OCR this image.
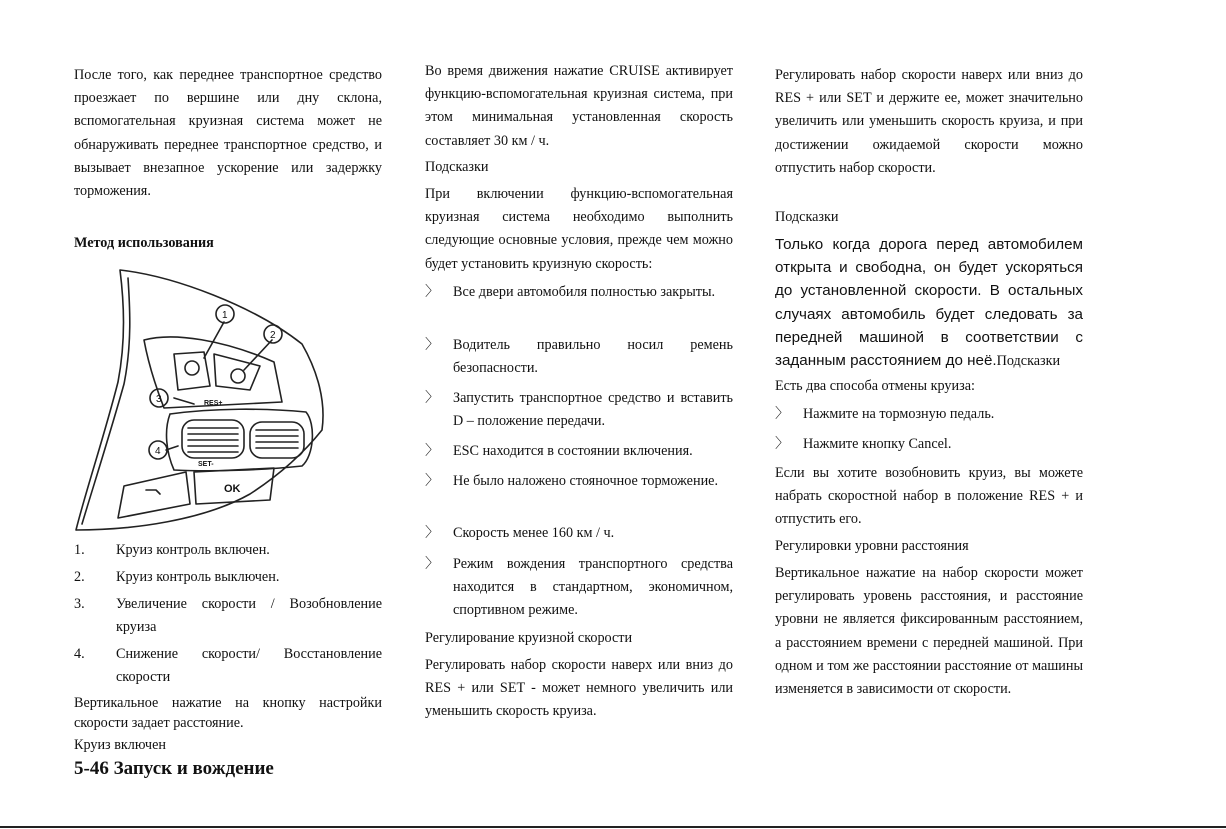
После того, как переднее транспортное средство проезжает по вершине или дну склона, вспомогательная круизная система может не обнаруживать переднее транспортное средство, и вызывает внезапное ускорение или задержку торможения.

Метод использования

1
2
3
4
RES+
SET-
OK
1. Круиз контроль включен.
2. Круиз контроль выключен.
3. Увеличение скорости / Возобновление круиза
4. Снижение скорости/ Восстановление скорости

Вертикальное нажатие на кнопку настройки скорости задает расстояние.

Круиз включен

Во время движения нажатие CRUISE активирует функцию-вспомогательная круизная система, при этом минимальная установленная скорость составляет 30 км / ч.

Подсказки

При включении функцию-вспомогательная круизная система необходимо выполнить следующие основные условия, прежде чем можно будет установить круизную скорость:

〉 Все двери автомобиля полностью закрыты.
〉 Водитель правильно носил ремень безопасности.
〉 Запустить транспортное средство и вставить D – положение передачи.
〉 ESC находится в состоянии включения.
〉 Не было наложено стояночное торможение.
〉 Скорость менее 160 км / ч.
〉 Режим вождения транспортного средства находится в стандартном, экономичном, спортивном режиме.

Регулирование круизной скорости

Регулировать набор скорости наверх или вниз до RES + или SET - может немного увеличить или уменьшить скорость круиза.

Регулировать набор скорости наверх или вниз до RES + или SET и держите ее, может значительно увеличить или уменьшить скорость круиза, и при достижении ожидаемой скорости можно отпустить набор скорости.

Подсказки

Только когда дорога перед автомобилем открыта и свободна, он будет ускоряться до установленной скорости. В остальных случаях автомобиль будет следовать за передней машиной в соответствии с заданным расстоянием до неё.Подсказки

Есть два способа отмены круиза:

〉 Нажмите на тормозную педаль.
〉 Нажмите кнопку Cancel.

Если вы хотите возобновить круиз, вы можете набрать скоростной набор в положение RES + и отпустить его.

Регулировки уровни расстояния

Вертикальное нажатие на набор скорости может регулировать уровень расстояния, и расстояние уровни не является фиксированным расстоянием, а расстоянием времени с передней машиной. При одном и том же расстоянии расстояние от машины изменяется в зависимости от скорости.

5-46 Запуск и вождение
